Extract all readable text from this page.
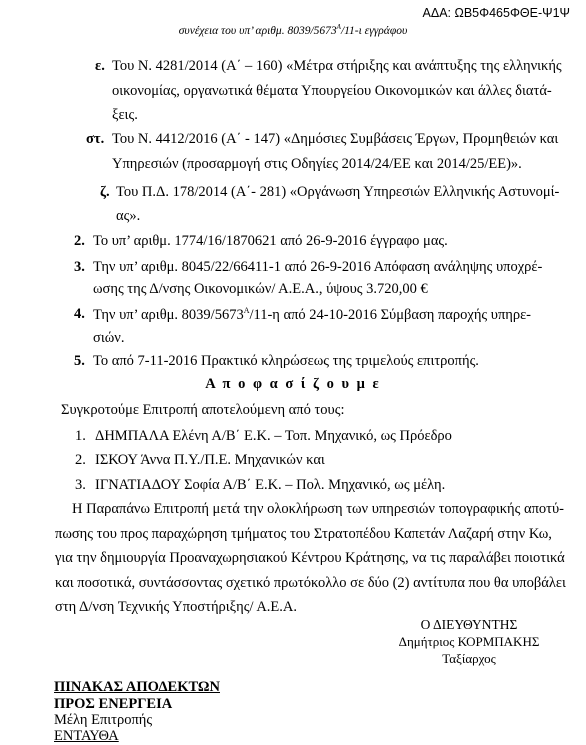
ΑΔΑ: ΩΒ5Φ465ΦΘΕ-Ψ1Ψ
συνέχεια του υπ’ αριθμ. $8039/5673^A/11-\iota$ εγγράφου
ε. Του Ν. 4281/2014 (Α΄ – 160) «Μέτρα στήριξης και ανάπτυξης της ελληνικής
οικονομίας, οργανωτικά θέματα Υπουργείου Οικονομικών και άλλες διατά-
ξεις.
στ. Του Ν. 4412/2016 (Α΄ - 147) «Δημόσιες Συμβάσεις Έργων, Προμηθειών και
Υπηρεσιών (προσαρμογή στις Οδηγίες 2014/24/ΕΕ και 2014/25/ΕΕ)».
ζ. Του Π.Δ. 178/2014 (Α΄- 281) «Οργάνωση Υπηρεσιών Ελληνικής Αστυνομί-
ας».
2. Το υπ’ αριθμ. 1774/16/1870621 από 26-9-2016 έγγραφο μας.
3. Την υπ’ αριθμ. 8045/22/66411-1 από 26-9-2016 Απόφαση ανάληψης υποχρέ-
ωσης της Δ/νσης Οικονομικών/ Α.Ε.Α., ύψους 3.720,00 €
4. Την υπ’ αριθμ. $8039/5673^A/11-\eta$ από 24-10-2016 Σύμβαση παροχής υπηρε-
σιών.
5. Το από 7-11-2016 Πρακτικό κληρώσεως της τριμελούς επιτροπής.
Α π ο φ α σ ί ζ ο υ μ ε
Συγκροτούμε Επιτροπή αποτελούμενη από τους:
1. ΔΗΜΠΑΛΑ Ελένη Α/Β΄ Ε.Κ. – Τοπ. Μηχανικό, ως Πρόεδρο
2. ΙΣΚΟΥ Άννα Π.Υ./Π.Ε. Μηχανικών και
3. ΙΓΝΑΤΙΑΔΟΥ Σοφία Α/Β΄ Ε.Κ. – Πολ. Μηχανικό, ως μέλη.
Η Παραπάνω Επιτροπή μετά την ολοκλήρωση των υπηρεσιών τοπογραφικής αποτύ-
πωσης του προς παραχώρηση τμήματος του Στρατοπέδου Καπετάν Λαζαρή στην Κω,
για την δημιουργία Προαναχωρησιακού Κέντρου Κράτησης, να τις παραλάβει ποιοτικά
και ποσοτικά, συντάσσοντας σχετικό πρωτόκολλο σε δύο (2) αντίτυπα που θα υποβάλει
στη Δ/νση Τεχνικής Υποστήριξης/ Α.Ε.Α.
Ο ΔΙΕΥΘΥΝΤΗΣ
Δημήτριος ΚΟΡΜΠΑΚΗΣ
Ταξίαρχος
ΠΙΝΑΚΑΣ ΑΠΟΔΕΚΤΩΝ
ΠΡΟΣ ΕΝΕΡΓΕΙΑ
Μέλη Επιτροπής
ΕΝΤΑΥΘΑ
